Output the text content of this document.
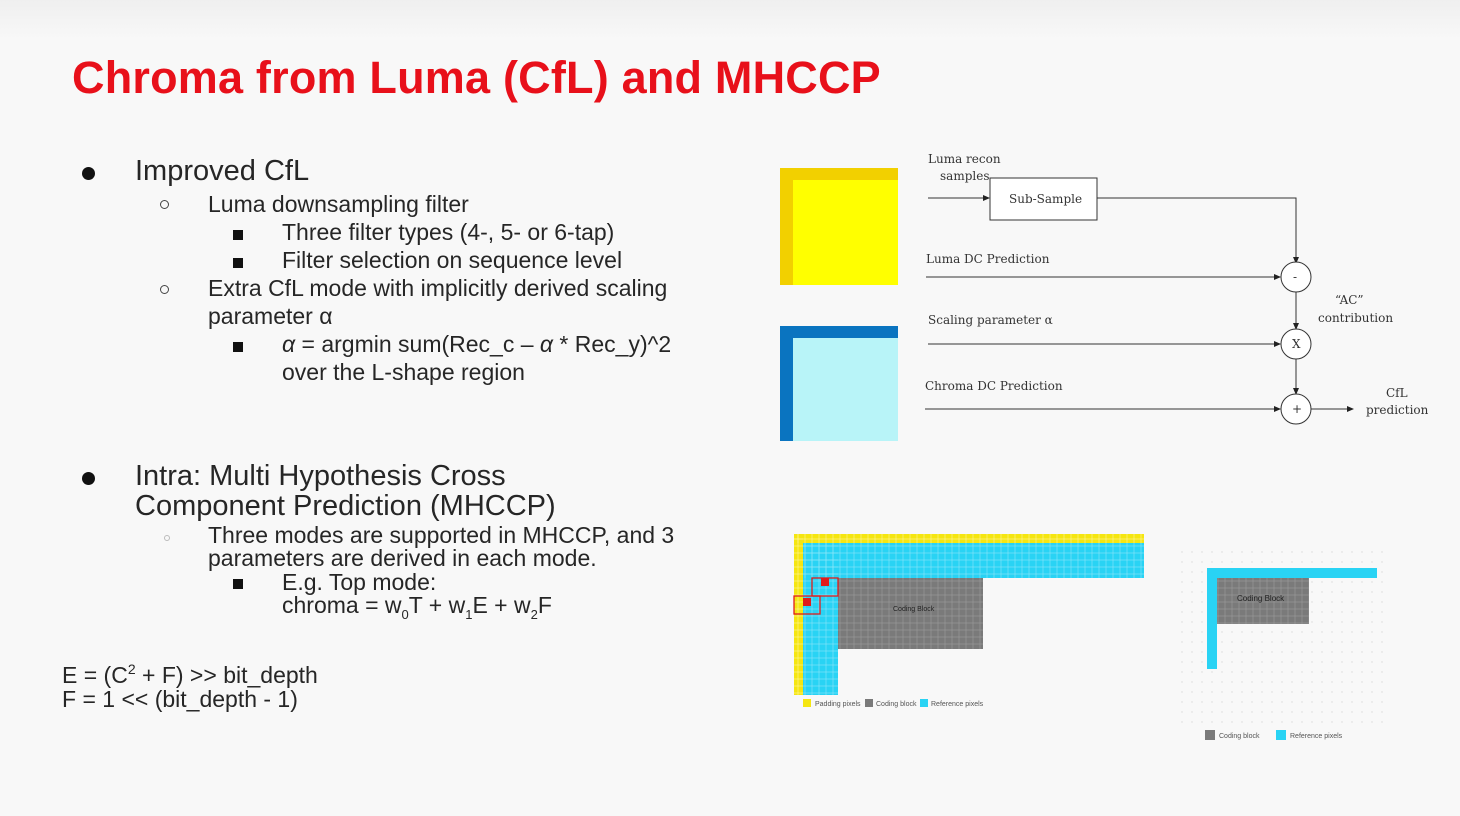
Chroma from Luma (CfL) and MHCCP
Improved CfL
Luma downsampling filter
Three filter types (4-, 5- or 6-tap)
Filter selection on sequence level
Extra CfL mode with implicitly derived scaling
parameter α
α = argmin sum(Rec_c – α * Rec_y)^2
over the L-shape region
Intra: Multi Hypothesis Cross
Component Prediction (MHCCP)
Three modes are supported in MHCCP, and 3
parameters are derived in each mode.
E.g. Top mode:
chroma = $w_0T + w_1E + w_2F$
$E = (C^2 + F)$ >> bit_depth
F = 1 << (bit_depth - 1)
Luma recon
samples
Sub-Sample
Luma DC Prediction
-
“AC”
contribution
Scaling parameter α
X
Chroma DC Prediction
+
CfL
prediction
Coding Block
Padding pixels Coding block Reference pixels
Coding Block
Coding block	Reference pixels
